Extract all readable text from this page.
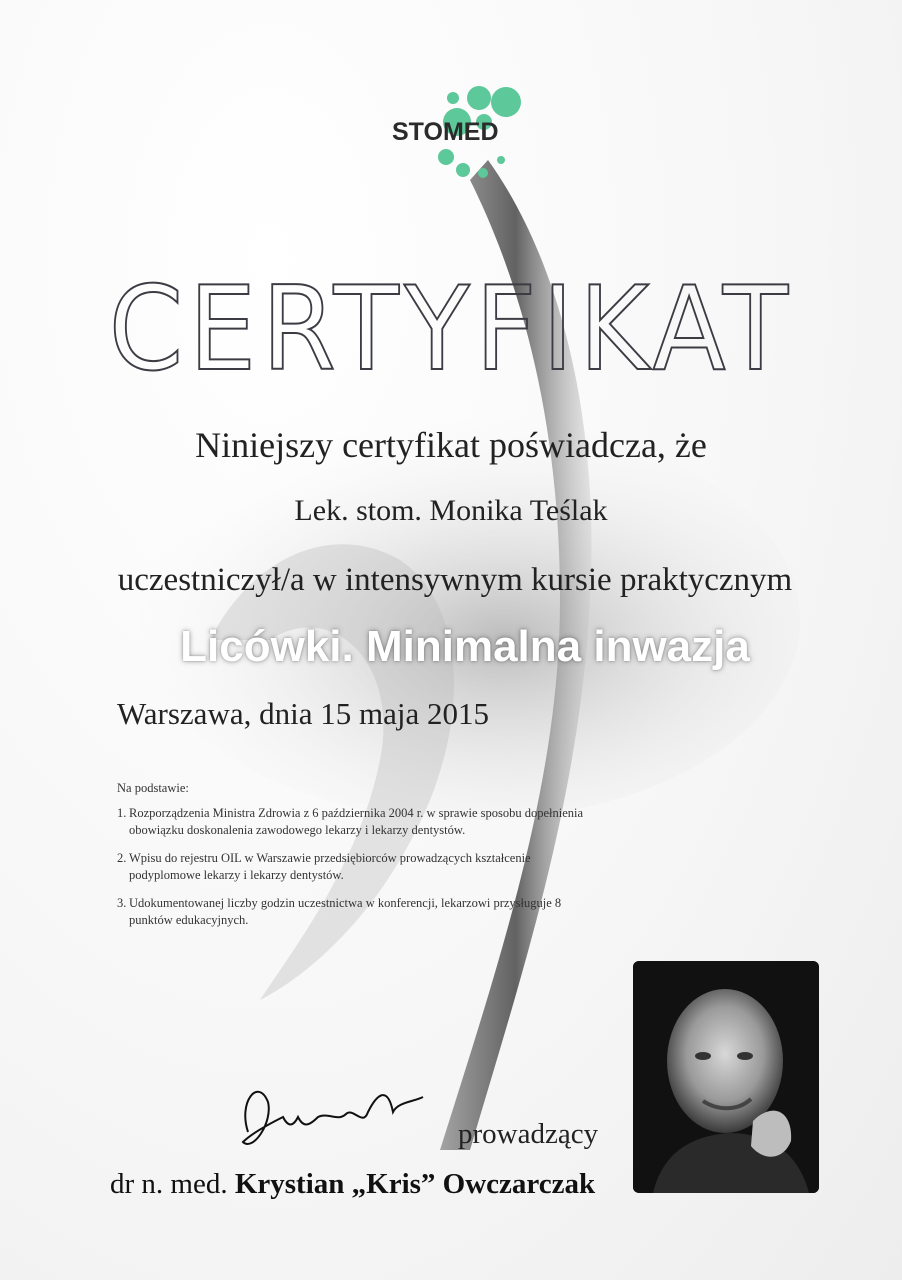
STOMED
CERTYFIKAT
Niniejszy certyfikat poświadcza, że
Lek. stom. Monika Teślak
uczestniczył/a w intensywnym kursie praktycznym
Licówki. Minimalna inwazja
Warszawa, dnia 15 maja 2015
Na podstawie:
1. Rozporządzenia Ministra Zdrowia z 6 października 2004 r. w sprawie sposobu dopełnienia obowiązku doskonalenia zawodowego lekarzy i lekarzy dentystów.
2. Wpisu do rejestru OIL w Warszawie przedsiębiorców prowadzących kształcenie podyplomowe lekarzy i lekarzy dentystów.
3. Udokumentowanej liczby godzin uczestnictwa w konferencji, lekarzowi przysługuje 8 punktów edukacyjnych.
prowadzący
dr n. med. Krystian „Kris” Owczarczak
